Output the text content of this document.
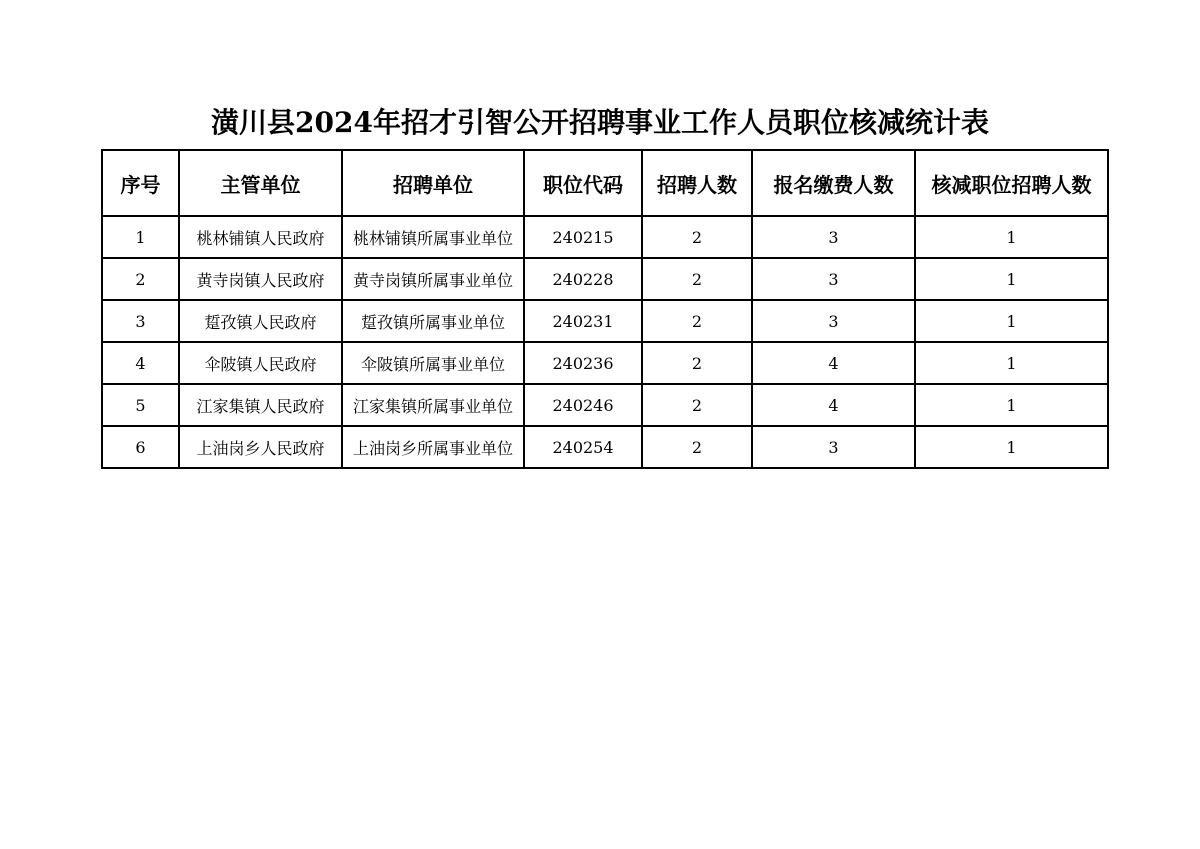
潢川县2024年招才引智公开招聘事业工作人员职位核减统计表
序号	主管单位	招聘单位	职位代码	招聘人数	报名缴费人数	核减职位招聘人数
1	桃林铺镇人民政府	桃林铺镇所属事业单位	240215	2	3	1
2	黄寺岗镇人民政府	黄寺岗镇所属事业单位	240228	2	3	1
3	踅孜镇人民政府	踅孜镇所属事业单位	240231	2	3	1
4	伞陂镇人民政府	伞陂镇所属事业单位	240236	2	4	1
5	江家集镇人民政府	江家集镇所属事业单位	240246	2	4	1
6	上油岗乡人民政府	上油岗乡所属事业单位	240254	2	3	1
